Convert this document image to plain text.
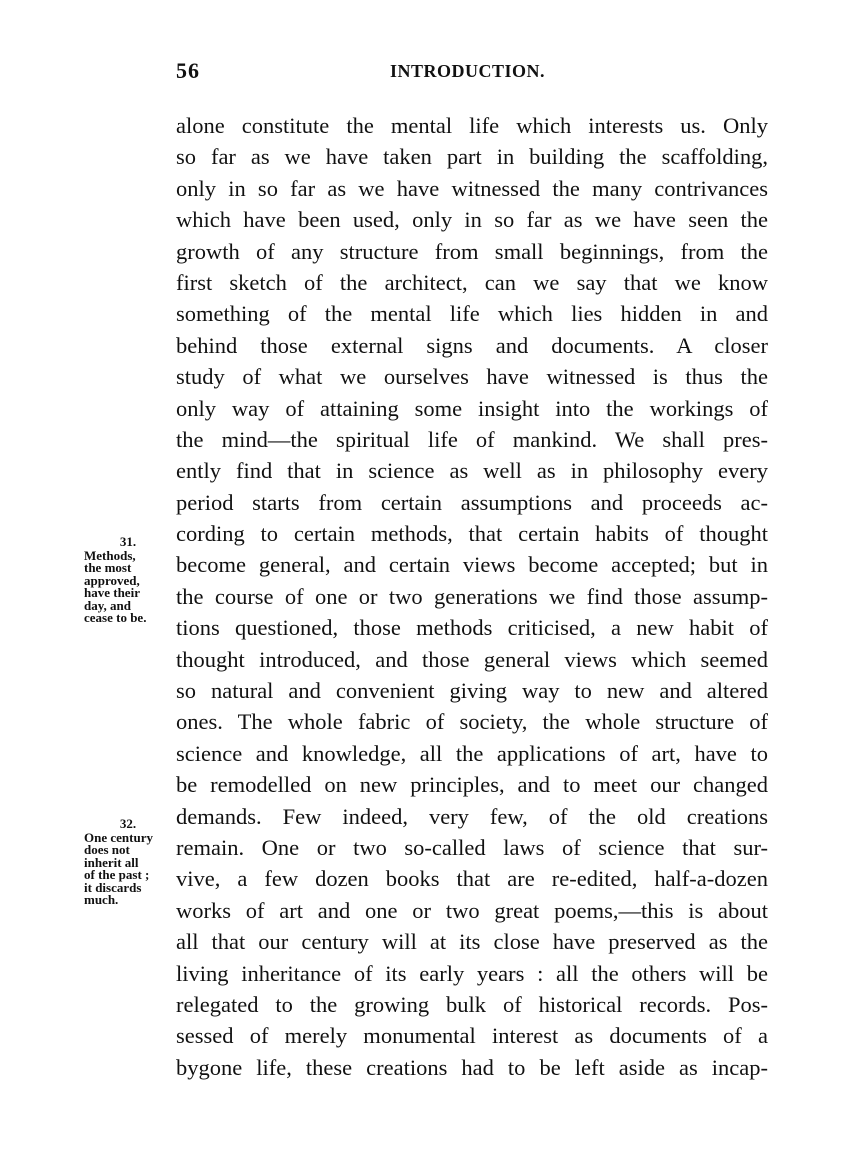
56	INTRODUCTION.
31.
Methods,
the most
approved,
have their
day, and
cease to be.
32.
One century
does not
inherit all
of the past ;
it discards
much.
alone constitute the mental life which interests us. Only
so far as we have taken part in building the scaffolding,
only in so far as we have witnessed the many contrivances
which have been used, only in so far as we have seen the
growth of any structure from small beginnings, from the
first sketch of the architect, can we say that we know
something of the mental life which lies hidden in and
behind those external signs and documents. A closer
study of what we ourselves have witnessed is thus the
only way of attaining some insight into the workings of
the mind—the spiritual life of mankind. We shall pres-
ently find that in science as well as in philosophy every
period starts from certain assumptions and proceeds ac-
cording to certain methods, that certain habits of thought
become general, and certain views become accepted; but in
the course of one or two generations we find those assump-
tions questioned, those methods criticised, a new habit of
thought introduced, and those general views which seemed
so natural and convenient giving way to new and altered
ones. The whole fabric of society, the whole structure of
science and knowledge, all the applications of art, have to
be remodelled on new principles, and to meet our changed
demands. Few indeed, very few, of the old creations
remain. One or two so-called laws of science that sur-
vive, a few dozen books that are re-edited, half-a-dozen
works of art and one or two great poems,—this is about
all that our century will at its close have preserved as the
living inheritance of its early years : all the others will be
relegated to the growing bulk of historical records. Pos-
sessed of merely monumental interest as documents of a
bygone life, these creations had to be left aside as incap-
